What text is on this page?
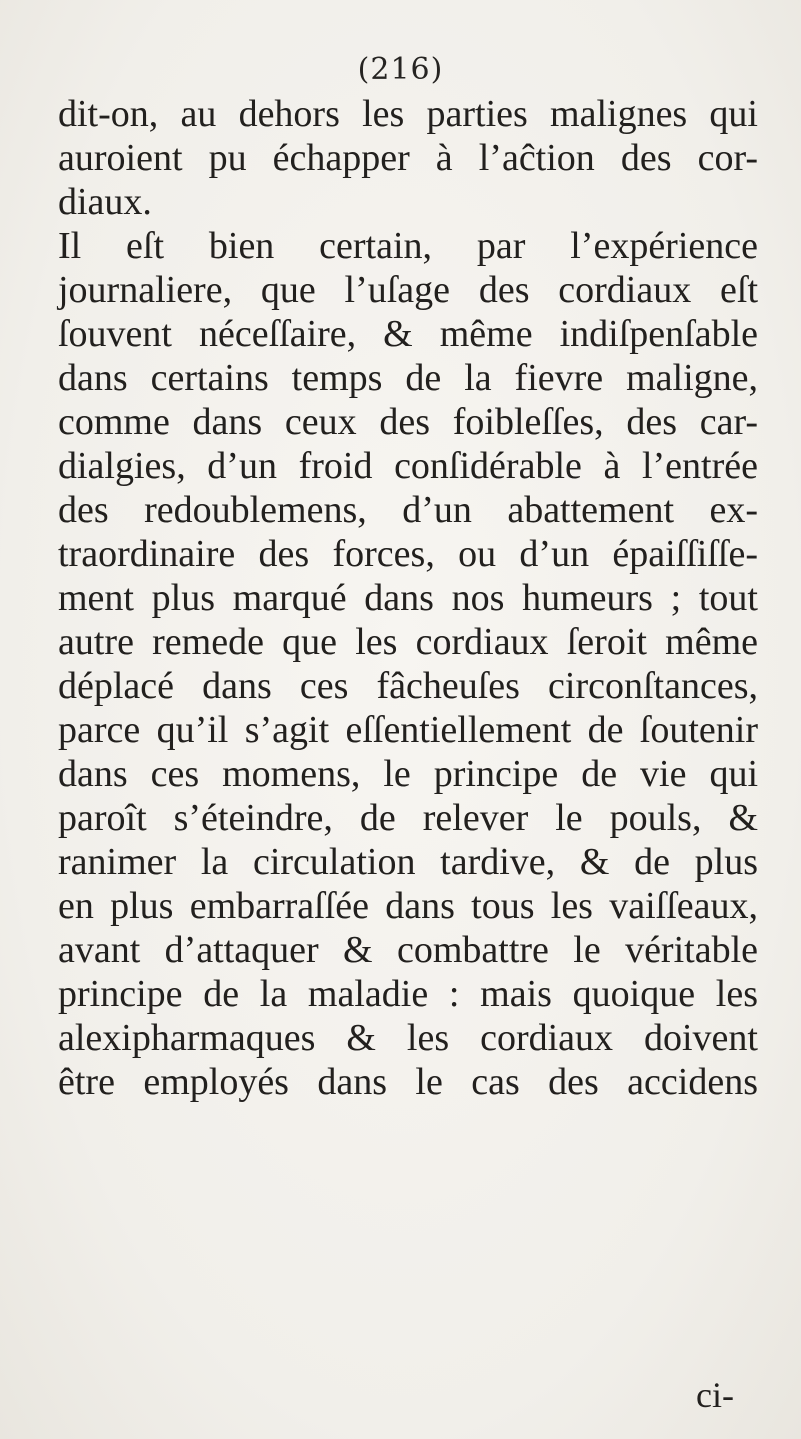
(216)
dit-on, au dehors les parties malignes qui
auroient pu échapper à l’aĉtion des cor-
diaux.
Il eſt bien certain, par l’expérience
journaliere, que l’uſage des cordiaux eſt
ſouvent néceſſaire, & même indiſpenſable
dans certains temps de la fievre maligne,
comme dans ceux des foibleſſes, des car-
dialgies, d’un froid conſidérable à l’entrée
des redoublemens, d’un abattement ex-
traordinaire des forces, ou d’un épaiſſiſſe-
ment plus marqué dans nos humeurs ; tout
autre remede que les cordiaux ſeroit même
déplacé dans ces fâcheuſes circonſtances,
parce qu’il s’agit eſſentiellement de ſoutenir
dans ces momens, le principe de vie qui
paroît s’éteindre, de relever le pouls, &
ranimer la circulation tardive, & de plus
en plus embarraſſée dans tous les vaiſſeaux,
avant d’attaquer & combattre le véritable
principe de la maladie : mais quoique les
alexipharmaques & les cordiaux doivent
être employés dans le cas des accidens
ci-
